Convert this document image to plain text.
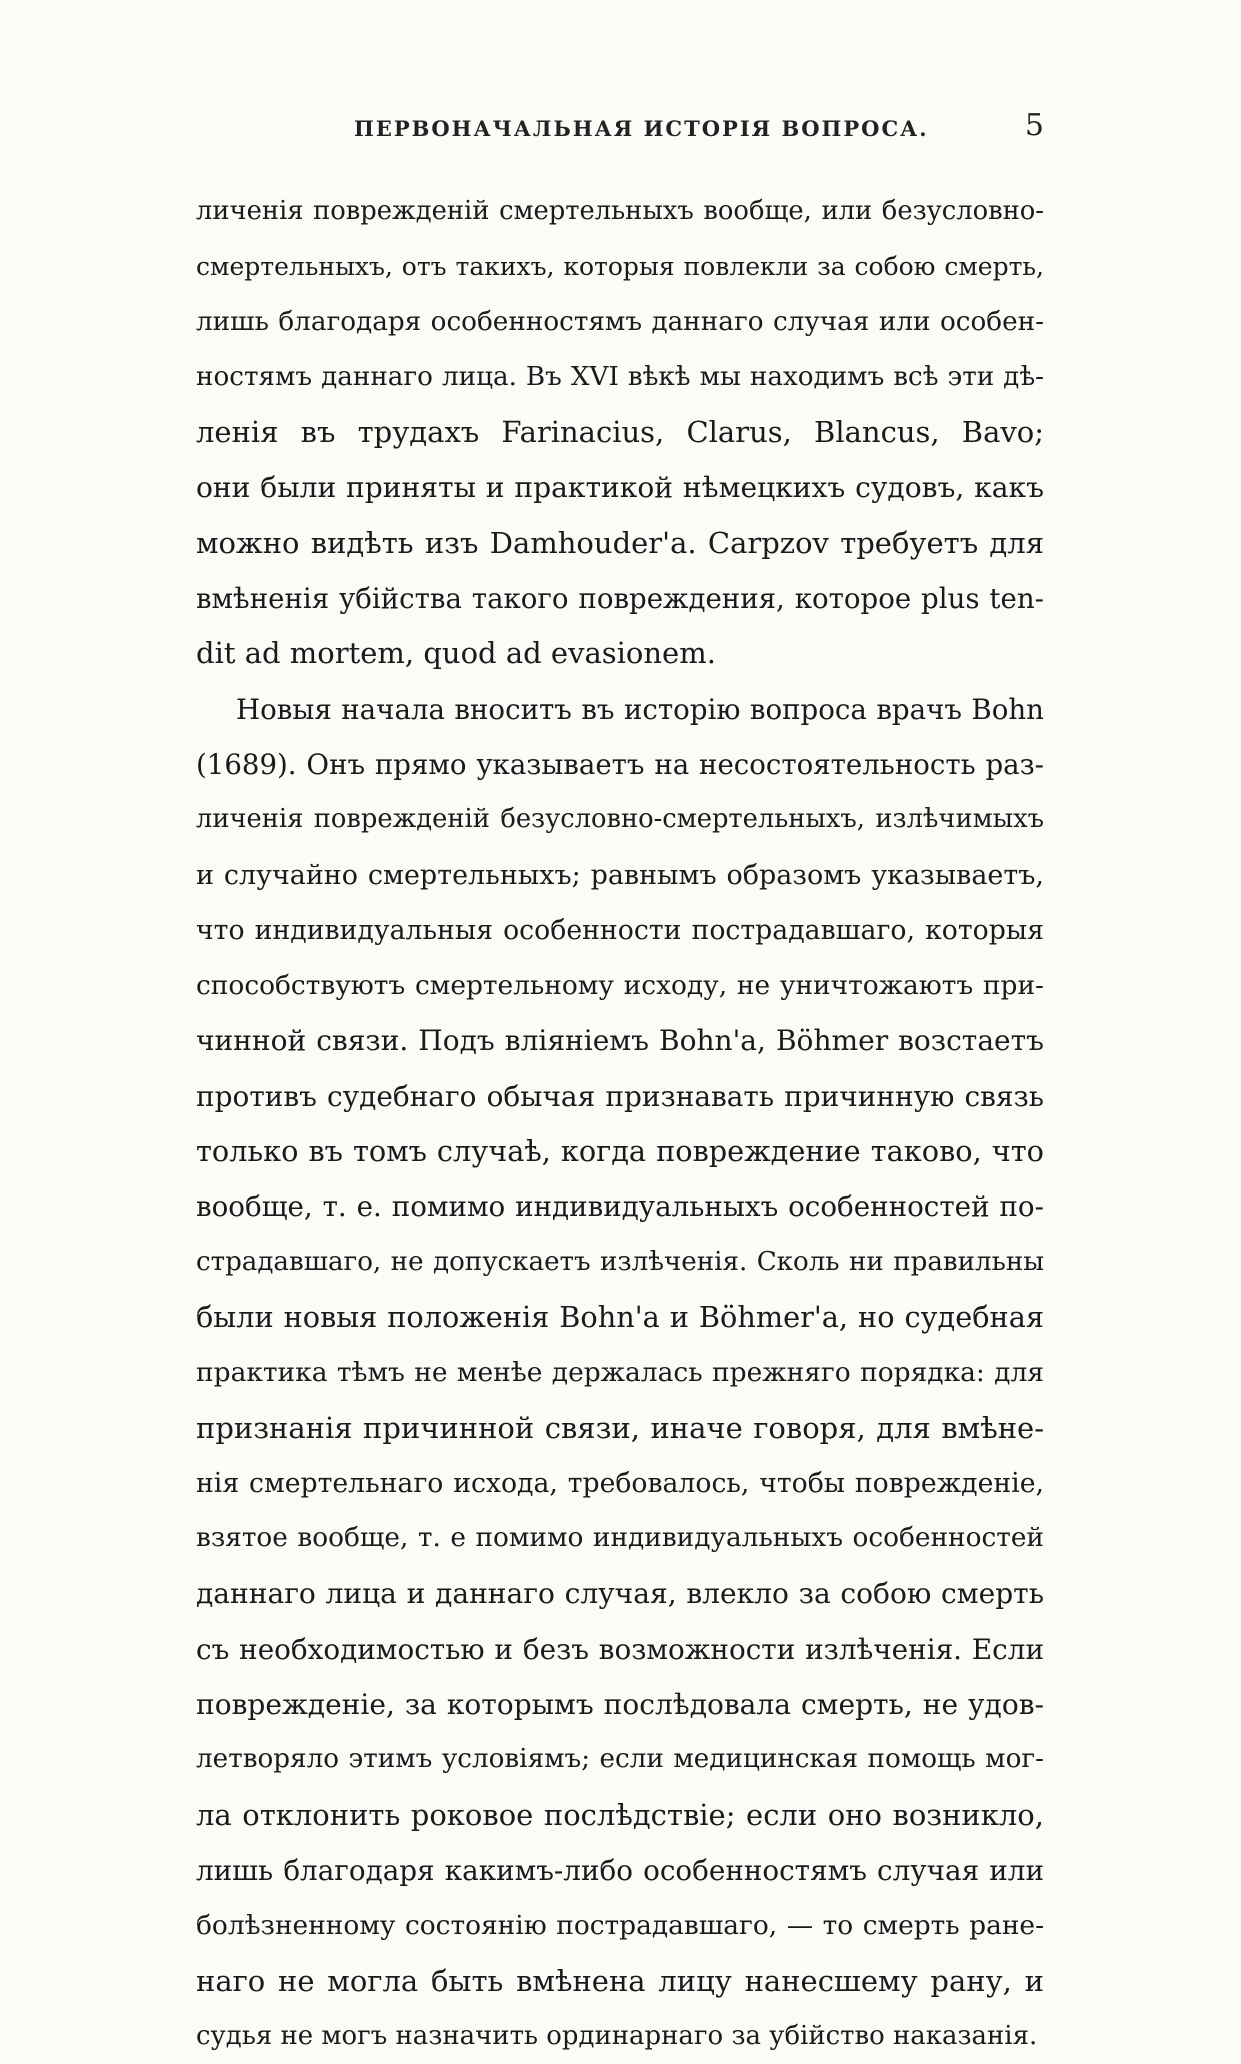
ПЕРВОНАЧАЛЬНАЯ ИСТОРІЯ ВОПРОСА.	5
личенія поврежденій смертельныхъ вообще, или безусловно-
смертельныхъ, отъ такихъ, которыя повлекли за собою смерть,
лишь благодаря особенностямъ даннаго случая или особен-
ностямъ даннаго лица. Въ XVI вѣкѣ мы находимъ всѣ эти дѣ-
ленія въ трудахъ Farinacius, Clarus, Blancus, Bavo;
они были приняты и практикой нѣмецкихъ судовъ, какъ
можно видѣть изъ Damhouder'а. Carpzov требуетъ для
вмѣненія убійства такого повреждения, которое plus ten-
dit ad mortem, quod ad evasionem.
Новыя начала вноситъ въ исторію вопроса врачъ Bohn
(1689). Онъ прямо указываетъ на несостоятельность раз-
личенія поврежденій безусловно-смертельныхъ, излѣчимыхъ
и случайно смертельныхъ; равнымъ образомъ указываетъ,
что индивидуальныя особенности пострадавшаго, которыя
способствуютъ смертельному исходу, не уничтожаютъ при-
чинной связи. Подъ вліяніемъ Bohn'а, Böhmer возстаетъ
противъ судебнаго обычая признавать причинную связь
только въ томъ случаѣ, когда повреждение таково, что
вообще, т. е. помимо индивидуальныхъ особенностей по-
страдавшаго, не допускаетъ излѣченія. Сколь ни правильны
были новыя положенія Bohn'а и Böhmer'а, но судебная
практика тѣмъ не менѣе держалась прежняго порядка: для
признанія причинной связи, иначе говоря, для вмѣне-
нія смертельнаго исхода, требовалось, чтобы поврежденіе,
взятое вообще, т. е помимо индивидуальныхъ особенностей
даннаго лица и даннаго случая, влекло за собою смерть
съ необходимостью и безъ возможности излѣченія. Если
поврежденіе, за которымъ послѣдовала смерть, не удов-
летворяло этимъ условіямъ; если медицинская помощь мог-
ла отклонить роковое послѣдствіе; если оно возникло,
лишь благодаря какимъ-либо особенностямъ случая или
болѣзненному состоянію пострадавшаго, — то смерть ранe-
наго не могла быть вмѣнена лицу нанесшему рану, и
судья не могъ назначить ординарнаго за убійство наказанія.
